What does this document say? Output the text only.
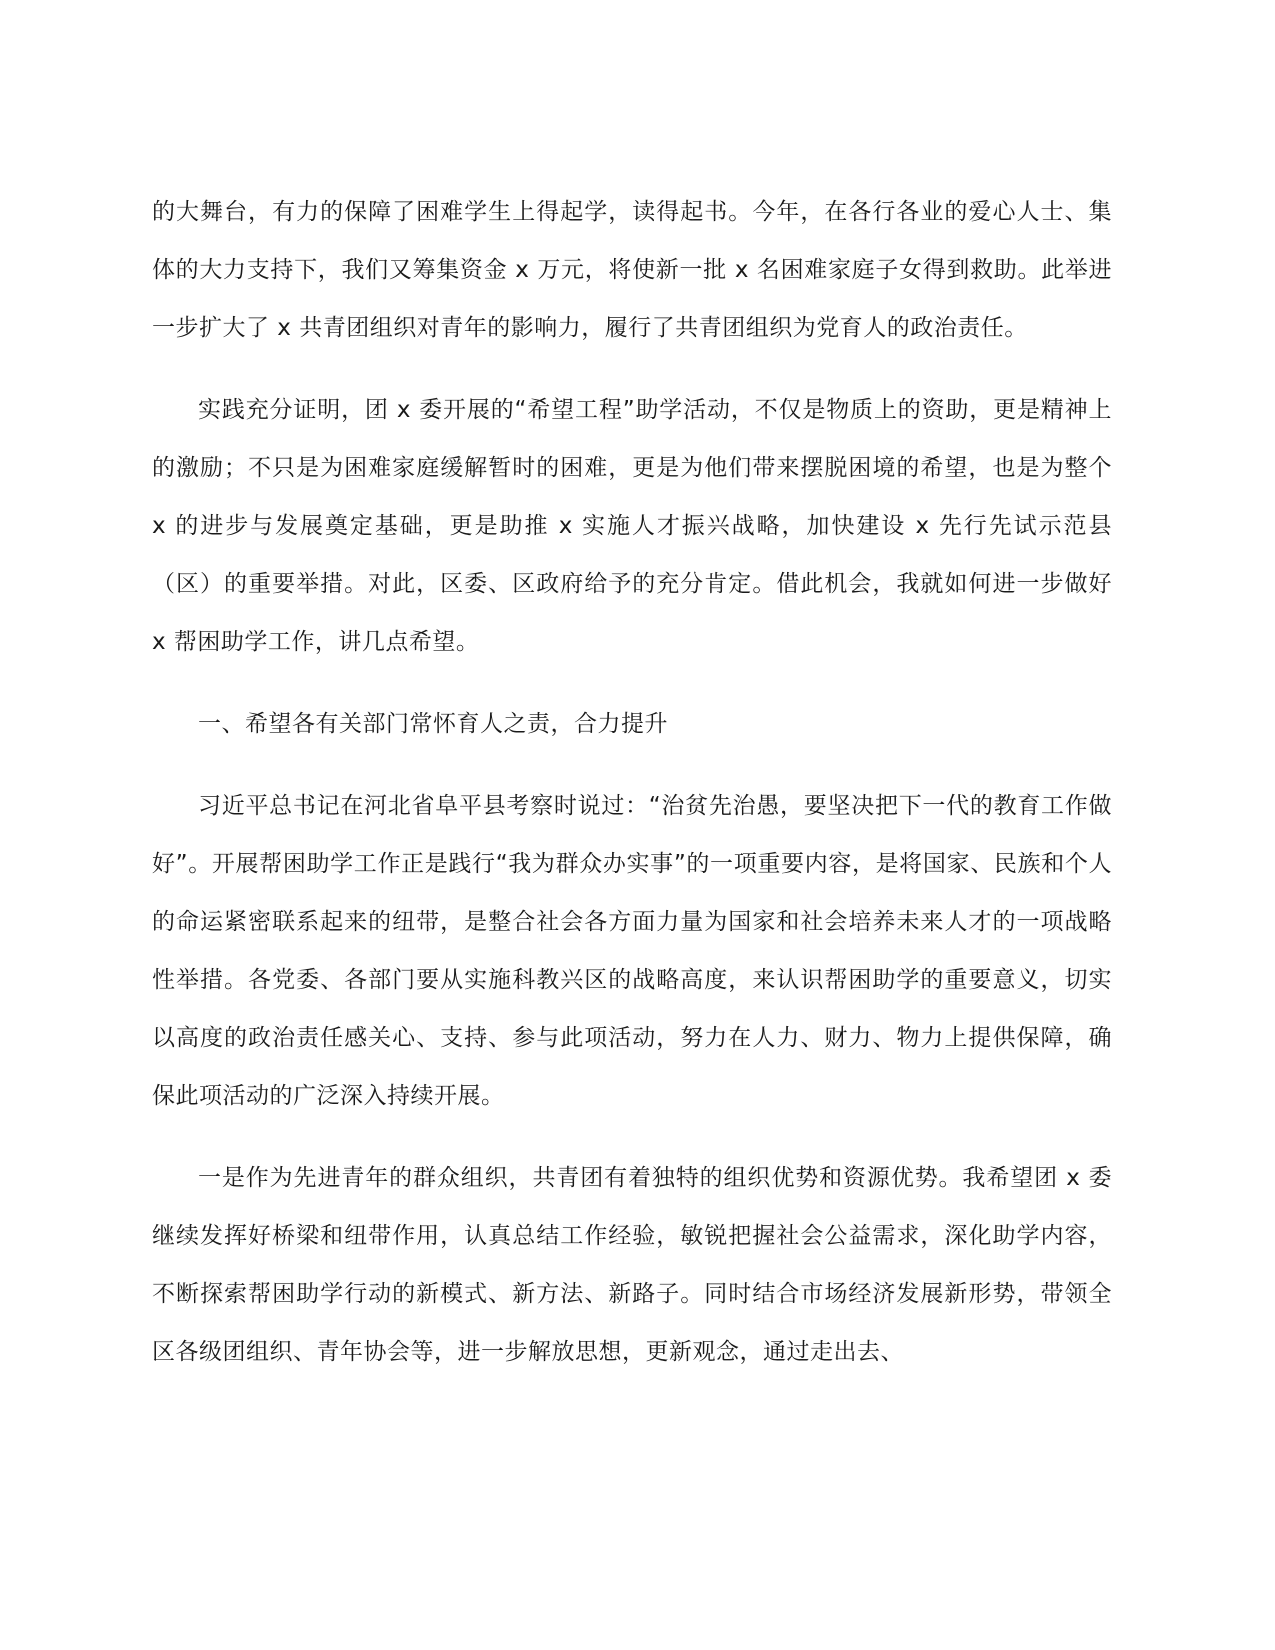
的大舞台，有力的保障了困难学生上得起学，读得起书。今年，在各行各业的爱心人士、集体的大力支持下，我们又筹集资金 x 万元，将使新一批 x 名困难家庭子女得到救助。此举进一步扩大了 x 共青团组织对青年的影响力，履行了共青团组织为党育人的政治责任。

实践充分证明，团 x 委开展的“希望工程”助学活动，不仅是物质上的资助，更是精神上的激励；不只是为困难家庭缓解暂时的困难，更是为他们带来摆脱困境的希望，也是为整个 x 的进步与发展奠定基础，更是助推 x 实施人才振兴战略，加快建设 x 先行先试示范县（区）的重要举措。对此，区委、区政府给予的充分肯定。借此机会，我就如何进一步做好 x 帮困助学工作，讲几点希望。

一、希望各有关部门常怀育人之责，合力提升

习近平总书记在河北省阜平县考察时说过：“治贫先治愚，要坚决把下一代的教育工作做好”。开展帮困助学工作正是践行“我为群众办实事”的一项重要内容，是将国家、民族和个人的命运紧密联系起来的纽带，是整合社会各方面力量为国家和社会培养未来人才的一项战略性举措。各党委、各部门要从实施科教兴区的战略高度，来认识帮困助学的重要意义，切实以高度的政治责任感关心、支持、参与此项活动，努力在人力、财力、物力上提供保障，确保此项活动的广泛深入持续开展。

一是作为先进青年的群众组织，共青团有着独特的组织优势和资源优势。我希望团 x 委继续发挥好桥梁和纽带作用，认真总结工作经验，敏锐把握社会公益需求，深化助学内容，不断探索帮困助学行动的新模式、新方法、新路子。同时结合市场经济发展新形势，带领全区各级团组织、青年协会等，进一步解放思想，更新观念，通过走出去、
